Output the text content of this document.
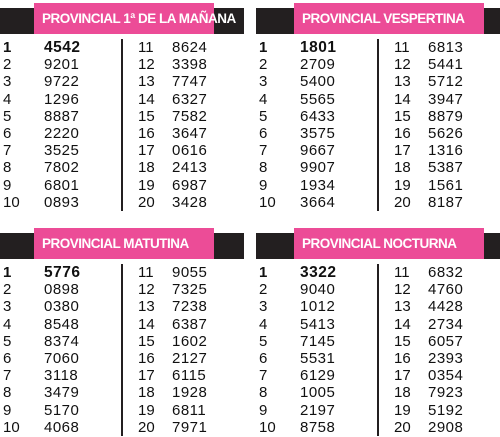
PROVINCIAL 1ª DE LA MAÑANA
1	4542
2	9201
3	9722
4	1296
5	8887
6	2220
7	3525
8	7802
9	6801
10	0893
11	8624
12	3398
13	7747
14	6327
15	7582
16	3647
17	0616
18	2413
19	6987
20	3428
PROVINCIAL VESPERTINA
1	1801
2	2709
3	5400
4	5565
5	6433
6	3575
7	9667
8	9907
9	1934
10	3664
11	6813
12	5441
13	5712
14	3947
15	8879
16	5626
17	1316
18	5387
19	1561
20	8187
PROVINCIAL MATUTINA
1	5776
2	0898
3	0380
4	8548
5	8374
6	7060
7	3118
8	3479
9	5170
10	4068
11	9055
12	7325
13	7238
14	6387
15	1602
16	2127
17	6115
18	1928
19	6811
20	7971
PROVINCIAL NOCTURNA
1	3322
2	9040
3	1012
4	5413
5	7145
6	5531
7	6129
8	1005
9	2197
10	8758
11	6832
12	4760
13	4428
14	2734
15	6057
16	2393
17	0354
18	7923
19	5192
20	2908
